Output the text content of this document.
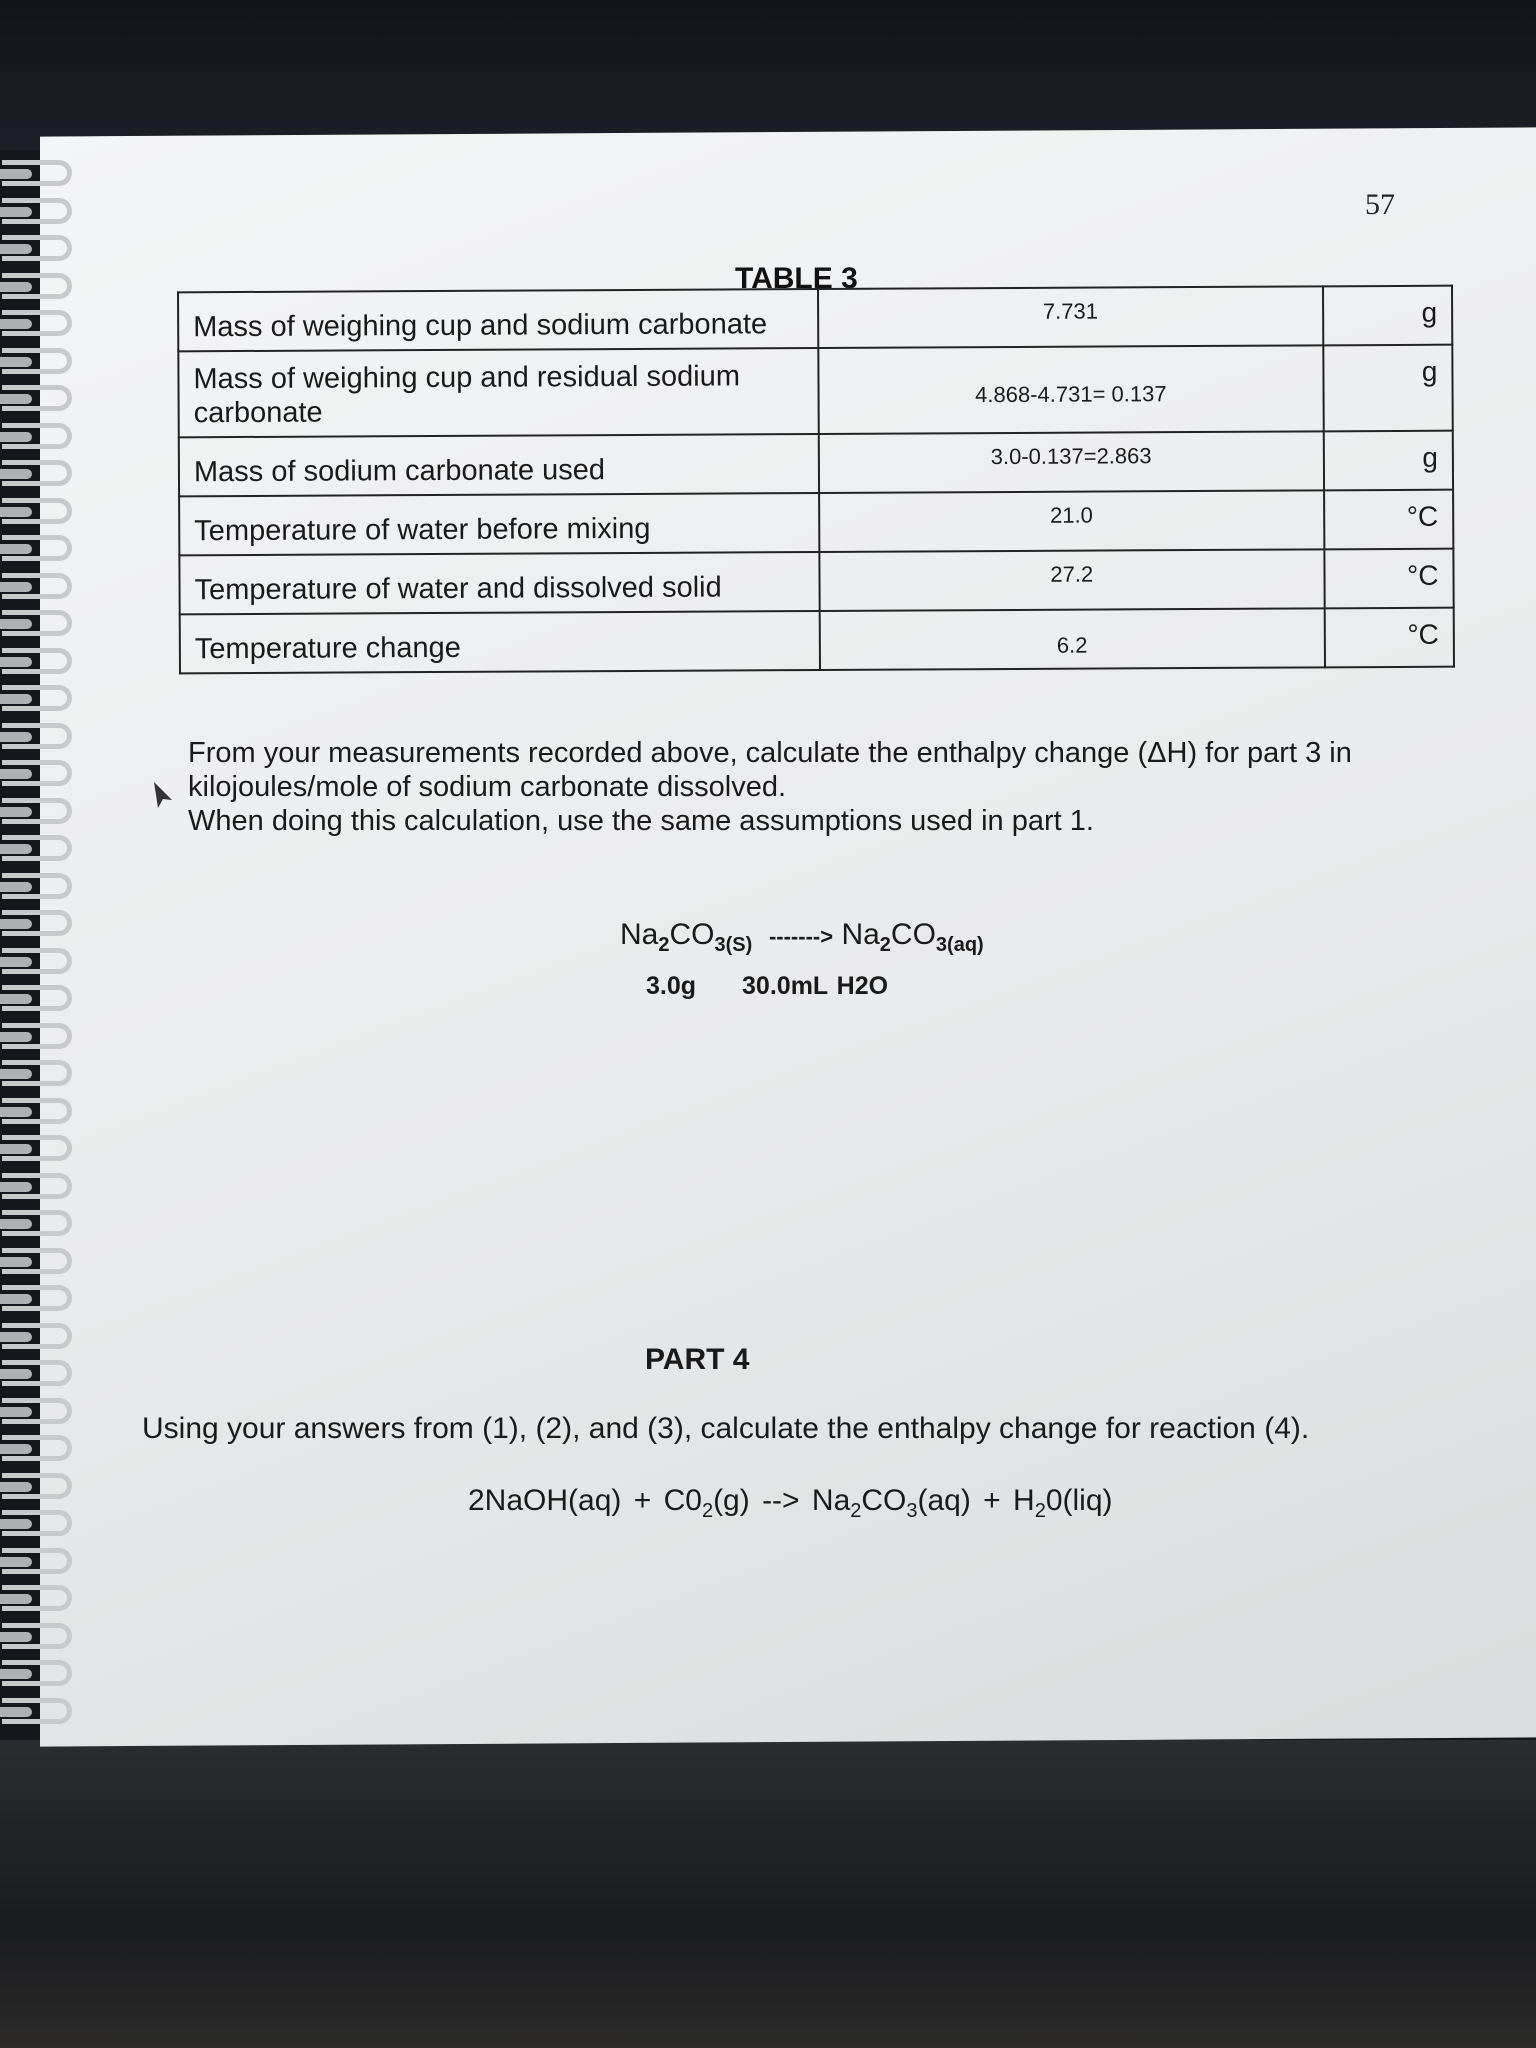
57
TABLE 3
Mass of weighing cup and sodium carbonate	7.731	g
Mass of weighing cup and residual sodium carbonate	4.868-4.731= 0.137	g
Mass of sodium carbonate used	3.0-0.137=2.863	g
Temperature of water before mixing	21.0	°C
Temperature of water and dissolved solid	27.2	°C
Temperature change	6.2	°C
From your measurements recorded above, calculate the enthalpy change (ΔH) for part 3 in
kilojoules/mole of sodium carbonate dissolved.
When doing this calculation, use the same assumptions used in part 1.
$Na_2CO_{3(S)}$ -------> $Na_2CO_{3(aq)}$
3.0g 30.0mL H2O
PART 4
Using your answers from (1), (2), and (3), calculate the enthalpy change for reaction (4).
2NaOH(aq) + $C0_2(g)$ --> $Na_2CO_3(aq) + H_20(liq)$
